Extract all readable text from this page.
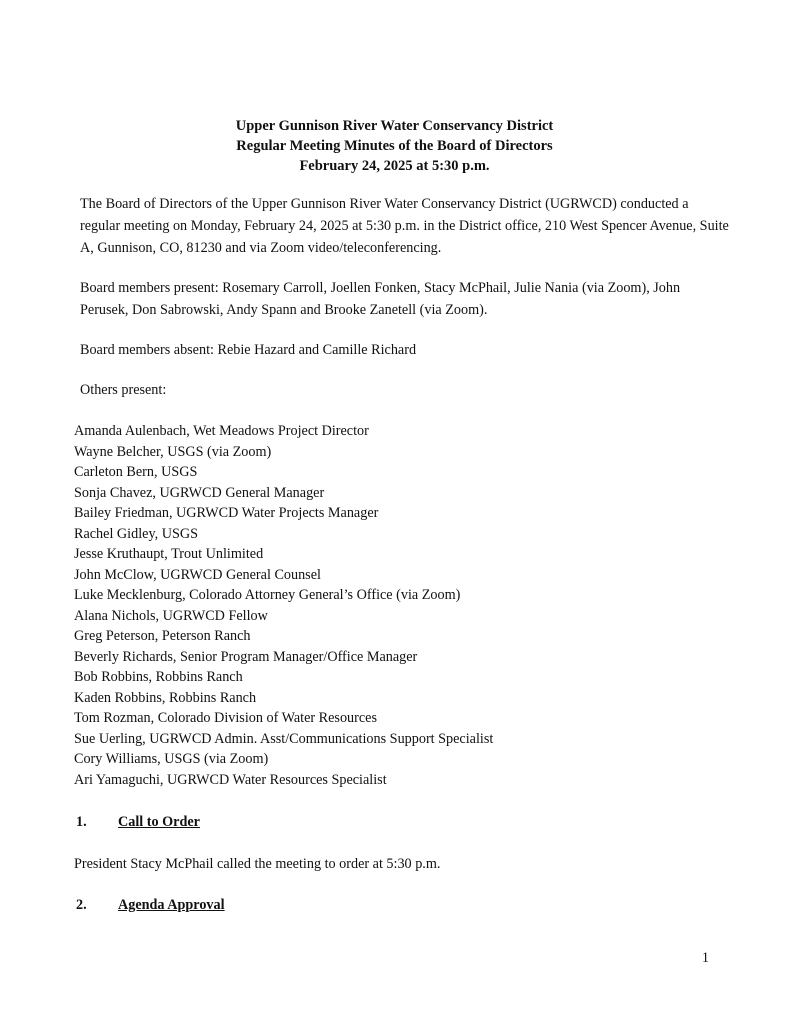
Upper Gunnison River Water Conservancy District
Regular Meeting Minutes of the Board of Directors
February 24, 2025 at 5:30 p.m.
The Board of Directors of the Upper Gunnison River Water Conservancy District (UGRWCD) conducted a regular meeting on Monday, February 24, 2025 at 5:30 p.m. in the District office, 210 West Spencer Avenue, Suite A, Gunnison, CO, 81230 and via Zoom video/teleconferencing.
Board members present: Rosemary Carroll, Joellen Fonken, Stacy McPhail, Julie Nania (via Zoom), John Perusek, Don Sabrowski, Andy Spann and Brooke Zanetell (via Zoom).
Board members absent: Rebie Hazard and Camille Richard
Others present:
Amanda Aulenbach, Wet Meadows Project Director
Wayne Belcher, USGS (via Zoom)
Carleton Bern, USGS
Sonja Chavez, UGRWCD General Manager
Bailey Friedman, UGRWCD Water Projects Manager
Rachel Gidley, USGS
Jesse Kruthaupt, Trout Unlimited
John McClow, UGRWCD General Counsel
Luke Mecklenburg, Colorado Attorney General’s Office (via Zoom)
Alana Nichols, UGRWCD Fellow
Greg Peterson, Peterson Ranch
Beverly Richards, Senior Program Manager/Office Manager
Bob Robbins, Robbins Ranch
Kaden Robbins, Robbins Ranch
Tom Rozman, Colorado Division of Water Resources
Sue Uerling, UGRWCD Admin. Asst/Communications Support Specialist
Cory Williams, USGS (via Zoom)
Ari Yamaguchi, UGRWCD Water Resources Specialist
1. Call to Order
President Stacy McPhail called the meeting to order at 5:30 p.m.
2. Agenda Approval
1
